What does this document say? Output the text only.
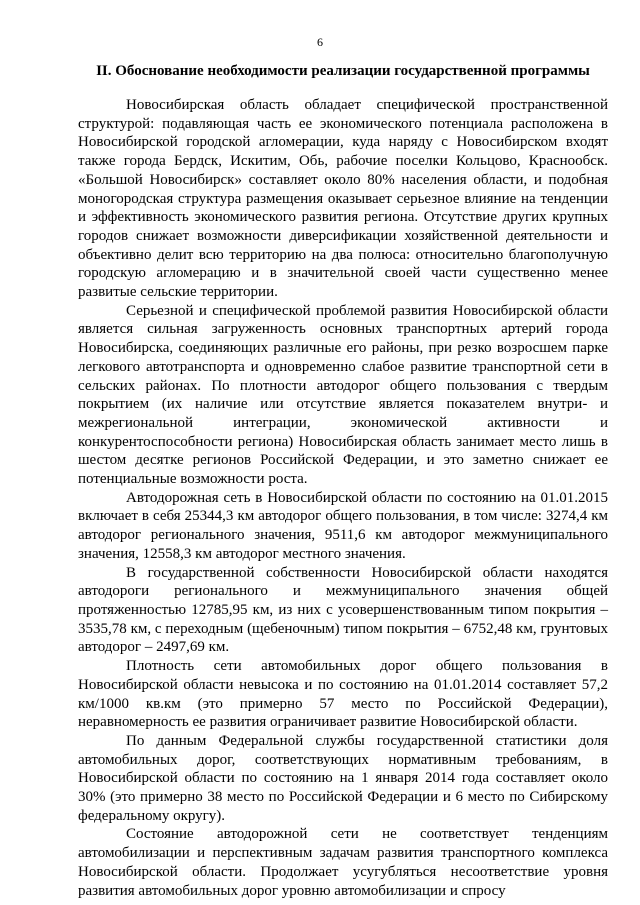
6
II. Обоснование необходимости реализации государственной программы

Новосибирская область обладает специфической пространственной структурой: подавляющая часть ее экономического потенциала расположена в Новосибирской городской агломерации, куда наряду с Новосибирском входят также города Бердск, Искитим, Обь, рабочие поселки Кольцово, Краснообск. «Большой Новосибирск» составляет около 80% населения области, и подобная моногородская структура размещения оказывает серьезное влияние на тенденции и эффективность экономического развития региона. Отсутствие других крупных городов снижает возможности диверсификации хозяйственной деятельности и объективно делит всю территорию на два полюса: относительно благополучную городскую агломерацию и в значительной своей части существенно менее развитые сельские территории.

Серьезной и специфической проблемой развития Новосибирской области является сильная загруженность основных транспортных артерий города Новосибирска, соединяющих различные его районы, при резко возросшем парке легкового автотранспорта и одновременно слабое развитие транспортной сети в сельских районах. По плотности автодорог общего пользования с твердым покрытием (их наличие или отсутствие является показателем внутри- и межрегиональной интеграции, экономической активности и конкурентоспособности региона) Новосибирская область занимает место лишь в шестом десятке регионов Российской Федерации, и это заметно снижает ее потенциальные возможности роста.

Автодорожная сеть в Новосибирской области по состоянию на 01.01.2015 включает в себя 25344,3 км автодорог общего пользования, в том числе: 3274,4 км автодорог регионального значения, 9511,6 км автодорог межмуниципального значения, 12558,3 км автодорог местного значения.

В государственной собственности Новосибирской области находятся автодороги регионального и межмуниципального значения общей протяженностью 12785,95 км, из них с усовершенствованным типом покрытия – 3535,78 км, с переходным (щебеночным) типом покрытия – 6752,48 км, грунтовых автодорог – 2497,69 км.

Плотность сети автомобильных дорог общего пользования в Новосибирской области невысока и по состоянию на 01.01.2014 составляет 57,2 км/1000 кв.км (это примерно 57 место по Российской Федерации), неравномерность ее развития ограничивает развитие Новосибирской области.

По данным Федеральной службы государственной статистики доля автомобильных дорог, соответствующих нормативным требованиям, в Новосибирской области по состоянию на 1 января 2014 года составляет около 30% (это примерно 38 место по Российской Федерации и 6 место по Сибирскому федеральному округу).

Состояние автодорожной сети не соответствует тенденциям автомобилизации и перспективным задачам развития транспортного комплекса Новосибирской области. Продолжает усугубляться несоответствие уровня развития автомобильных дорог уровню автомобилизации и спросу
